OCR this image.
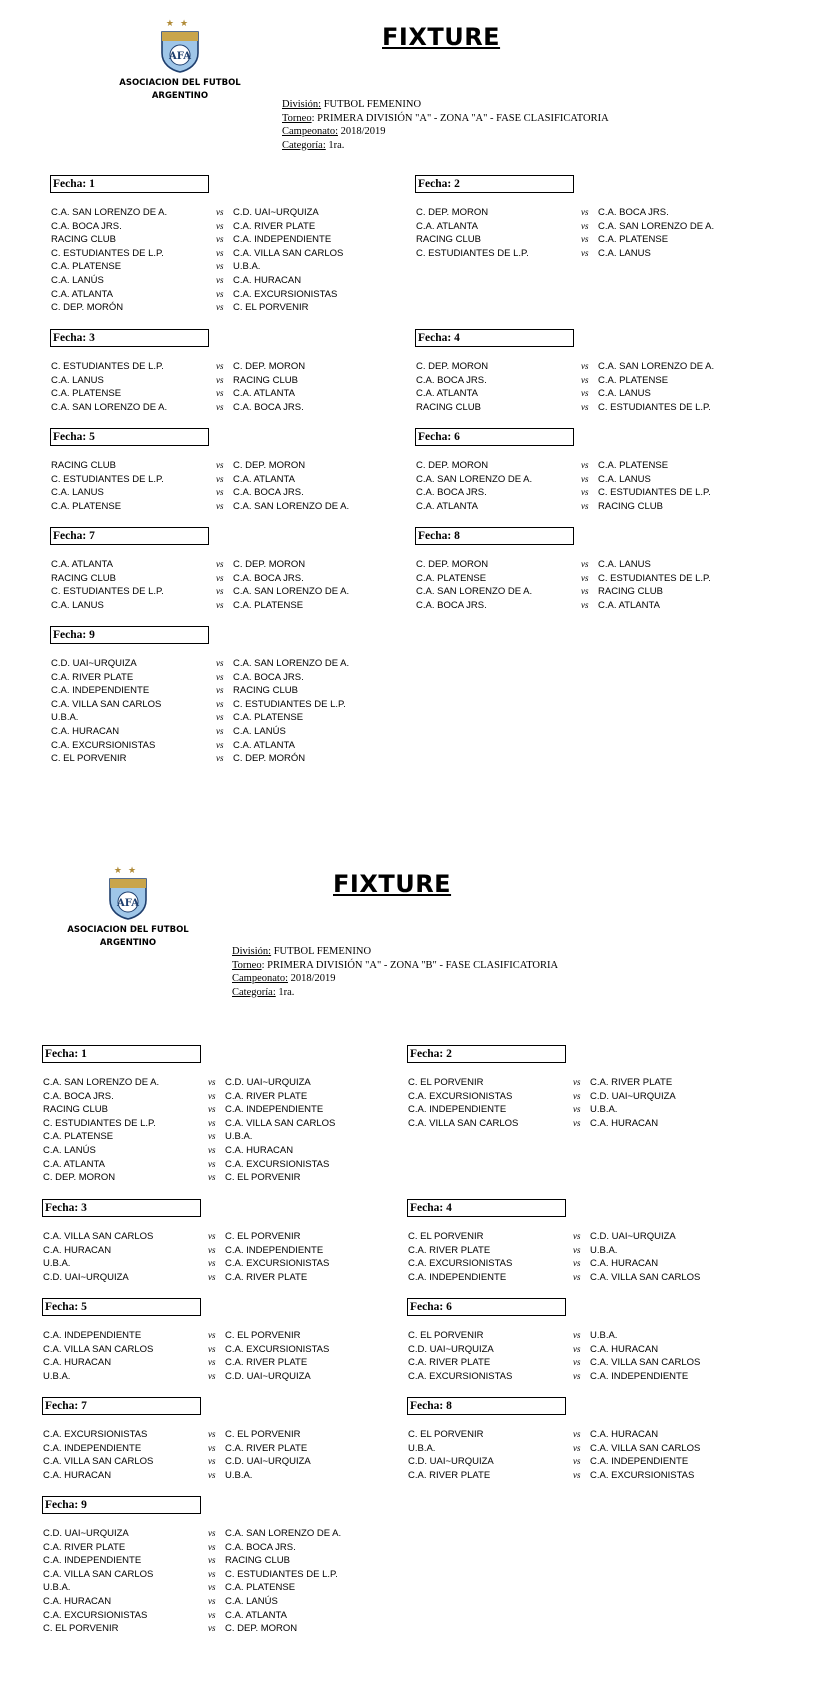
★★
AFA
ASOCIACION DEL FUTBOL
ARGENTINO
FIXTURE
División: FUTBOL FEMENINO
Torneo: PRIMERA DIVISIÓN "A" - ZONA "A" - FASE CLASIFICATORIA
Campeonato: 2018/2019
Categoría: 1ra.
Fecha: 1
C.A. SAN LORENZO DE A.	vs C.D. UAI~URQUIZA
C.A. BOCA JRS.	vs C.A. RIVER PLATE
RACING CLUB	vs C.A. INDEPENDIENTE
C. ESTUDIANTES DE L.P.	vs C.A. VILLA SAN CARLOS
C.A. PLATENSE	vs U.B.A.
C.A. LANÚS	vs C.A. HURACAN
C.A. ATLANTA	vs C.A. EXCURSIONISTAS
C. DEP. MORÓN	vs C. EL PORVENIR
Fecha: 2
C. DEP. MORON	vs C.A. BOCA JRS.
C.A. ATLANTA	vs C.A. SAN LORENZO DE A.
RACING CLUB	vs C.A. PLATENSE
C. ESTUDIANTES DE L.P.	vs C.A. LANUS
Fecha: 3
C. ESTUDIANTES DE L.P.	vs C. DEP. MORON
C.A. LANUS	vs RACING CLUB
C.A. PLATENSE	vs C.A. ATLANTA
C.A. SAN LORENZO DE A.	vs C.A. BOCA JRS.
Fecha: 4
C. DEP. MORON	vs C.A. SAN LORENZO DE A.
C.A. BOCA JRS.	vs C.A. PLATENSE
C.A. ATLANTA	vs C.A. LANUS
RACING CLUB	vs C. ESTUDIANTES DE L.P.
Fecha: 5
RACING CLUB	vs C. DEP. MORON
C. ESTUDIANTES DE L.P.	vs C.A. ATLANTA
C.A. LANUS	vs C.A. BOCA JRS.
C.A. PLATENSE	vs C.A. SAN LORENZO DE A.
Fecha: 6
C. DEP. MORON	vs C.A. PLATENSE
C.A. SAN LORENZO DE A.	vs C.A. LANUS
C.A. BOCA JRS.	vs C. ESTUDIANTES DE L.P.
C.A. ATLANTA	vs RACING CLUB
Fecha: 7
C.A. ATLANTA	vs C. DEP. MORON
RACING CLUB	vs C.A. BOCA JRS.
C. ESTUDIANTES DE L.P.	vs C.A. SAN LORENZO DE A.
C.A. LANUS	vs C.A. PLATENSE
Fecha: 8
C. DEP. MORON	vs C.A. LANUS
C.A. PLATENSE	vs C. ESTUDIANTES DE L.P.
C.A. SAN LORENZO DE A.	vs RACING CLUB
C.A. BOCA JRS.	vs C.A. ATLANTA
Fecha: 9
C.D. UAI~URQUIZA	vs C.A. SAN LORENZO DE A.
C.A. RIVER PLATE	vs C.A. BOCA JRS.
C.A. INDEPENDIENTE	vs RACING CLUB
C.A. VILLA SAN CARLOS	vs C. ESTUDIANTES DE L.P.
U.B.A.	vs C.A. PLATENSE
C.A. HURACAN	vs C.A. LANÚS
C.A. EXCURSIONISTAS	vs C.A. ATLANTA
C. EL PORVENIR	vs C. DEP. MORÓN
★★
AFA
ASOCIACION DEL FUTBOL
ARGENTINO
FIXTURE
División: FUTBOL FEMENINO
Torneo: PRIMERA DIVISIÓN "A" - ZONA "B" - FASE CLASIFICATORIA
Campeonato: 2018/2019
Categoría: 1ra.
Fecha: 1
C.A. SAN LORENZO DE A.	vs C.D. UAI~URQUIZA
C.A. BOCA JRS.	vs C.A. RIVER PLATE
RACING CLUB	vs C.A. INDEPENDIENTE
C. ESTUDIANTES DE L.P.	vs C.A. VILLA SAN CARLOS
C.A. PLATENSE	vs U.B.A.
C.A. LANÚS	vs C.A. HURACAN
C.A. ATLANTA	vs C.A. EXCURSIONISTAS
C. DEP. MORON	vs C. EL PORVENIR
Fecha: 2
C. EL PORVENIR	vs C.A. RIVER PLATE
C.A. EXCURSIONISTAS	vs C.D. UAI~URQUIZA
C.A. INDEPENDIENTE	vs U.B.A.
C.A. VILLA SAN CARLOS	vs C.A. HURACAN
Fecha: 3
C.A. VILLA SAN CARLOS	vs C. EL PORVENIR
C.A. HURACAN	vs C.A. INDEPENDIENTE
U.B.A.	vs C.A. EXCURSIONISTAS
C.D. UAI~URQUIZA	vs C.A. RIVER PLATE
Fecha: 4
C. EL PORVENIR	vs C.D. UAI~URQUIZA
C.A. RIVER PLATE	vs U.B.A.
C.A. EXCURSIONISTAS	vs C.A. HURACAN
C.A. INDEPENDIENTE	vs C.A. VILLA SAN CARLOS
Fecha: 5
C.A. INDEPENDIENTE	vs C. EL PORVENIR
C.A. VILLA SAN CARLOS	vs C.A. EXCURSIONISTAS
C.A. HURACAN	vs C.A. RIVER PLATE
U.B.A.	vs C.D. UAI~URQUIZA
Fecha: 6
C. EL PORVENIR	vs U.B.A.
C.D. UAI~URQUIZA	vs C.A. HURACAN
C.A. RIVER PLATE	vs C.A. VILLA SAN CARLOS
C.A. EXCURSIONISTAS	vs C.A. INDEPENDIENTE
Fecha: 7
C.A. EXCURSIONISTAS	vs C. EL PORVENIR
C.A. INDEPENDIENTE	vs C.A. RIVER PLATE
C.A. VILLA SAN CARLOS	vs C.D. UAI~URQUIZA
C.A. HURACAN	vs U.B.A.
Fecha: 8
C. EL PORVENIR	vs C.A. HURACAN
U.B.A.	vs C.A. VILLA SAN CARLOS
C.D. UAI~URQUIZA	vs C.A. INDEPENDIENTE
C.A. RIVER PLATE	vs C.A. EXCURSIONISTAS
Fecha: 9
C.D. UAI~URQUIZA	vs C.A. SAN LORENZO DE A.
C.A. RIVER PLATE	vs C.A. BOCA JRS.
C.A. INDEPENDIENTE	vs RACING CLUB
C.A. VILLA SAN CARLOS	vs C. ESTUDIANTES DE L.P.
U.B.A.	vs C.A. PLATENSE
C.A. HURACAN	vs C.A. LANÚS
C.A. EXCURSIONISTAS	vs C.A. ATLANTA
C. EL PORVENIR	vs C. DEP. MORON
